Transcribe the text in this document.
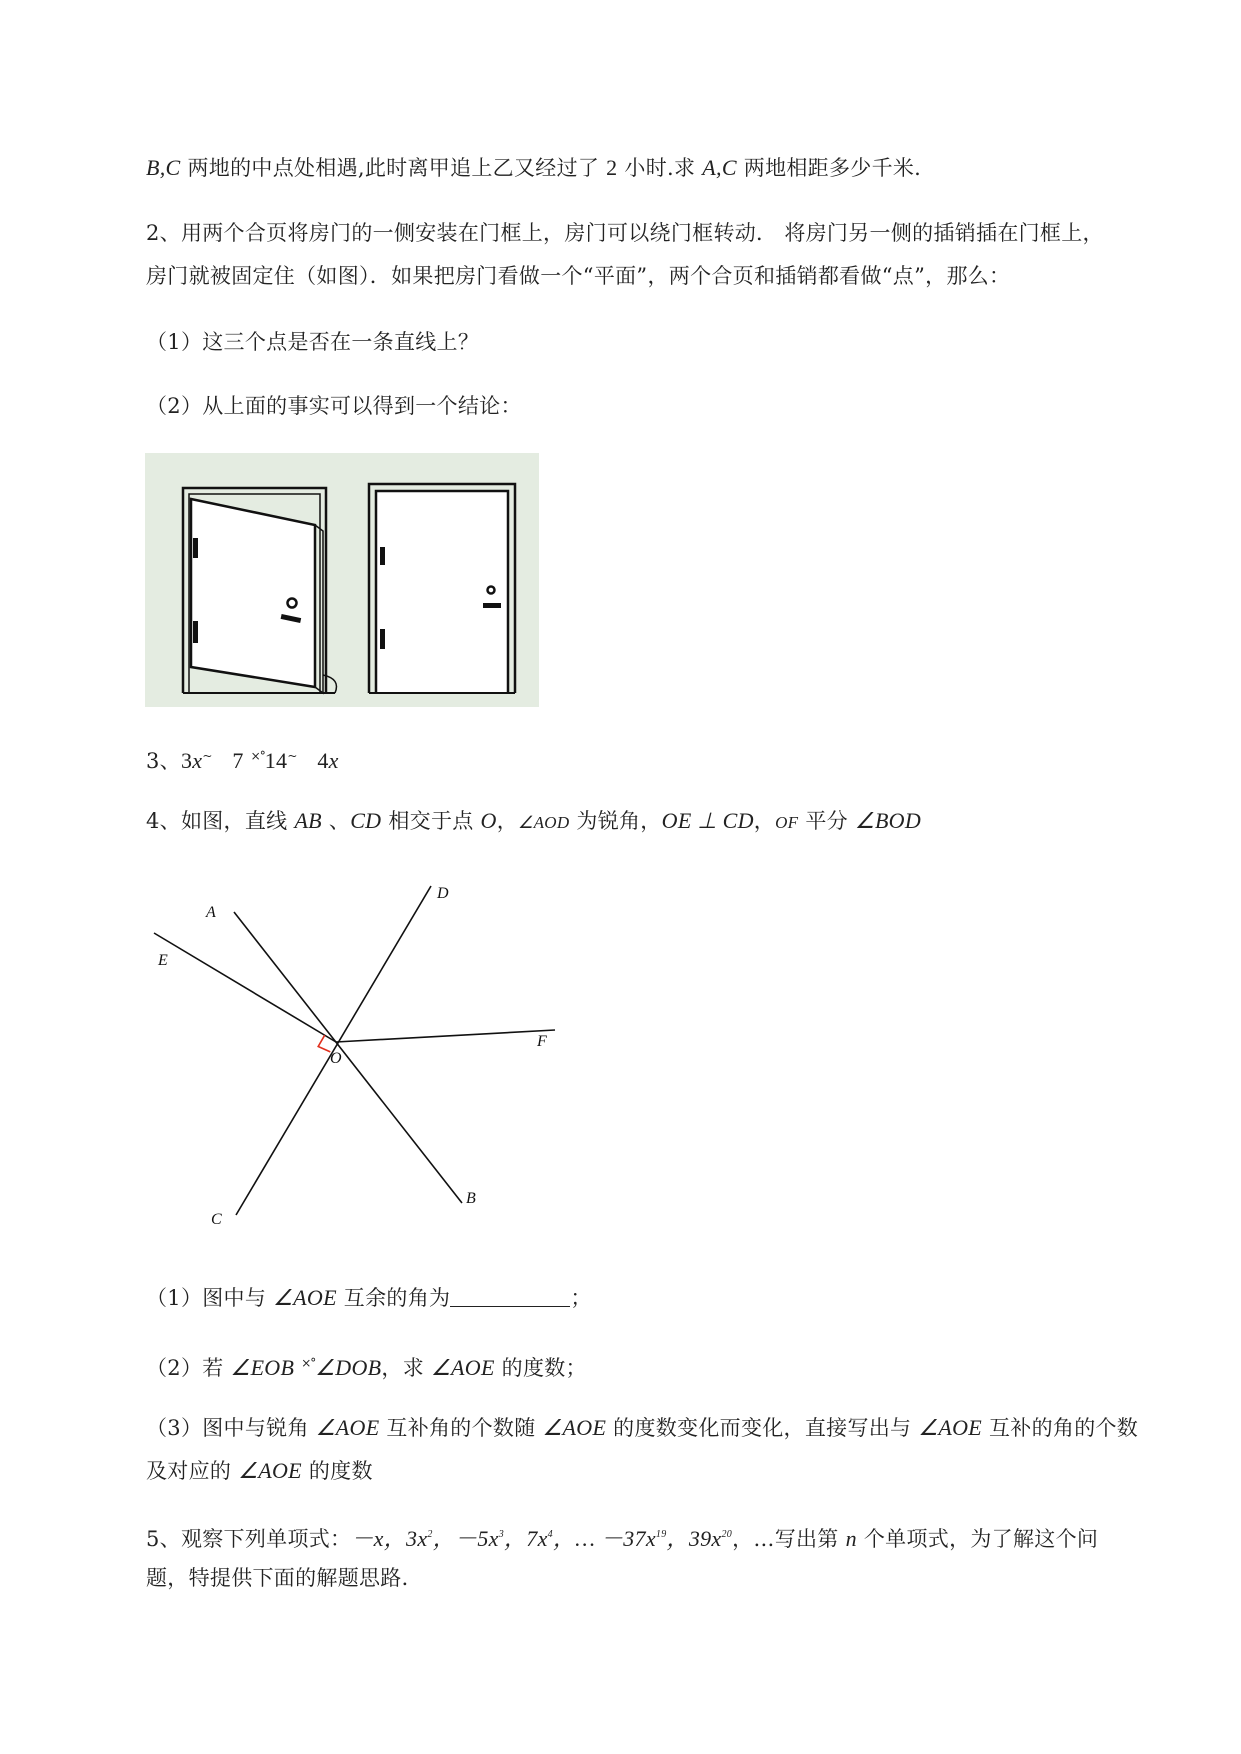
B,C 两地的中点处相遇,此时离甲追上乙又经过了 2 小时.求 A,C 两地相距多少千米.
2、用两个合页将房门的一侧安装在门框上，房门可以绕门框转动． 将房门另一侧的插销插在门框上，
房门就被固定住（如图）．如果把房门看做一个“平面”，两个合页和插销都看做“点”，那么：
（1）这三个点是否在一条直线上？
（2）从上面的事实可以得到一个结论：
3、3x~ 7 ×°14~ 4x
4、如图，直线 AB 、CD 相交于点 O，∠AOD 为锐角，OE ⊥ CD，OF 平分 ∠BOD
A
D
E
F
O
B
C
（1）图中与 ∠AOE 互余的角为	；
（2）若 ∠EOB ×°∠DOB，求 ∠AOE 的度数；
（3）图中与锐角 ∠AOE 互补角的个数随 ∠AOE 的度数变化而变化，直接写出与 ∠AOE 互补的角的个数
及对应的 ∠AOE 的度数
5、观察下列单项式：－x，$3x^2$，$-5x^3$，$7x^4$，… $-37x^{19}$，$39x^{20}$，…写出第 n 个单项式，为了解这个问
题，特提供下面的解题思路．
